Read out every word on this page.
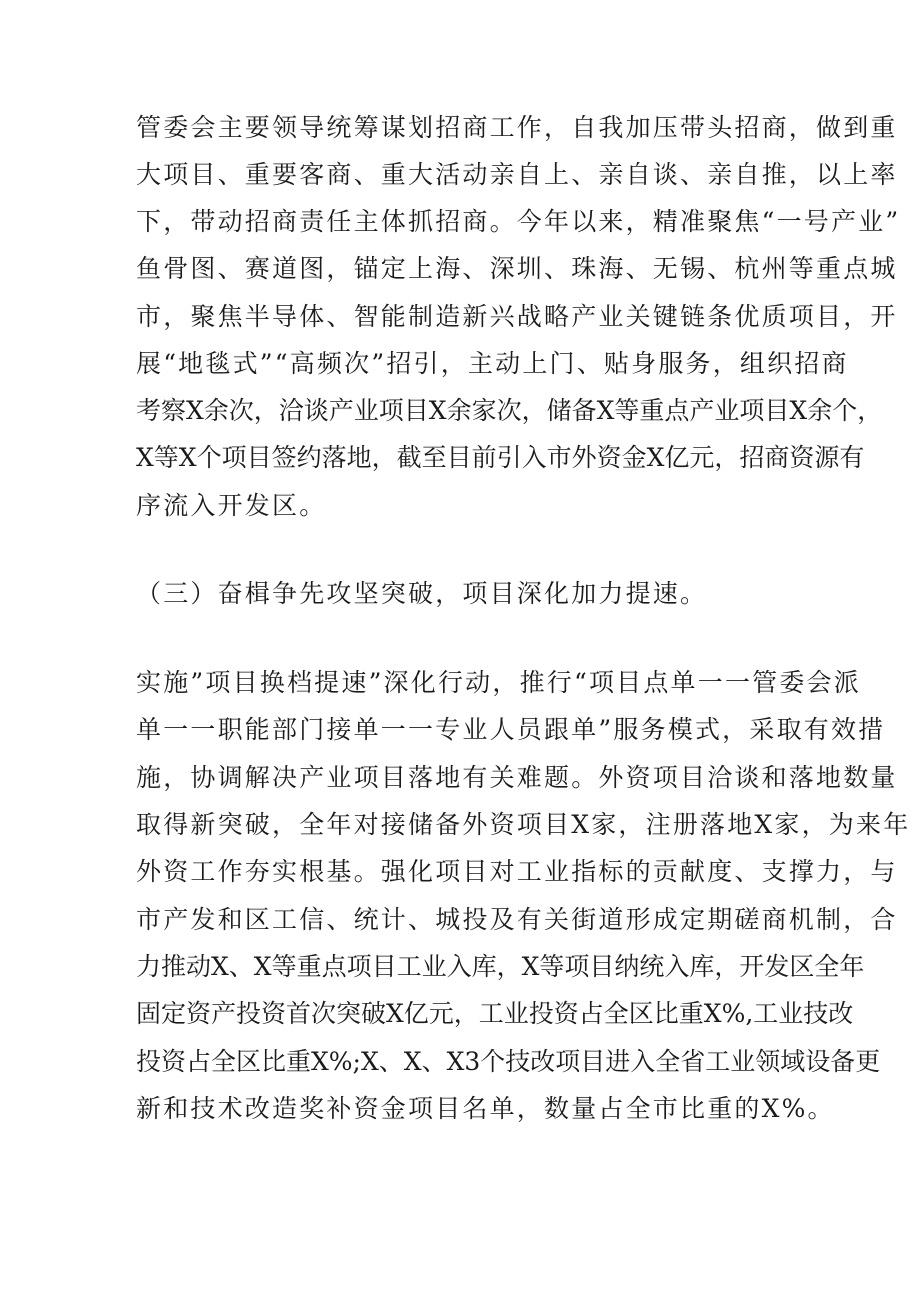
管委会主要领导统筹谋划招商工作，自我加压带头招商，做到重
大项目、重要客商、重大活动亲自上、亲自谈、亲自推，以上率
下，带动招商责任主体抓招商。今年以来，精准聚焦“一号产业”
鱼骨图、赛道图，锚定上海、深圳、珠海、无锡、杭州等重点城
市，聚焦半导体、智能制造新兴战略产业关键链条优质项目，开
展“地毯式”“高频次”招引，主动上门、贴身服务，组织招商
考察X余次，洽谈产业项目X余家次，储备X等重点产业项目X余个，
X等X个项目签约落地，截至目前引入市外资金X亿元，招商资源有
序流入开发区。
（三）奋楫争先攻坚突破，项目深化加力提速。
实施”项目换档提速”深化行动，推行“项目点单一一管委会派
单一一职能部门接单一一专业人员跟单”服务模式，采取有效措
施，协调解决产业项目落地有关难题。外资项目洽谈和落地数量
取得新突破，全年对接储备外资项目X家，注册落地X家，为来年
外资工作夯实根基。强化项目对工业指标的贡献度、支撑力，与
市产发和区工信、统计、城投及有关街道形成定期磋商机制，合
力推动X、X等重点项目工业入库，X等项目纳统入库，开发区全年
固定资产投资首次突破X亿元，工业投资占全区比重X%,工业技改
投资占全区比重X%;X、X、X3个技改项目进入全省工业领域设备更
新和技术改造奖补资金项目名单，数量占全市比重的X%。
